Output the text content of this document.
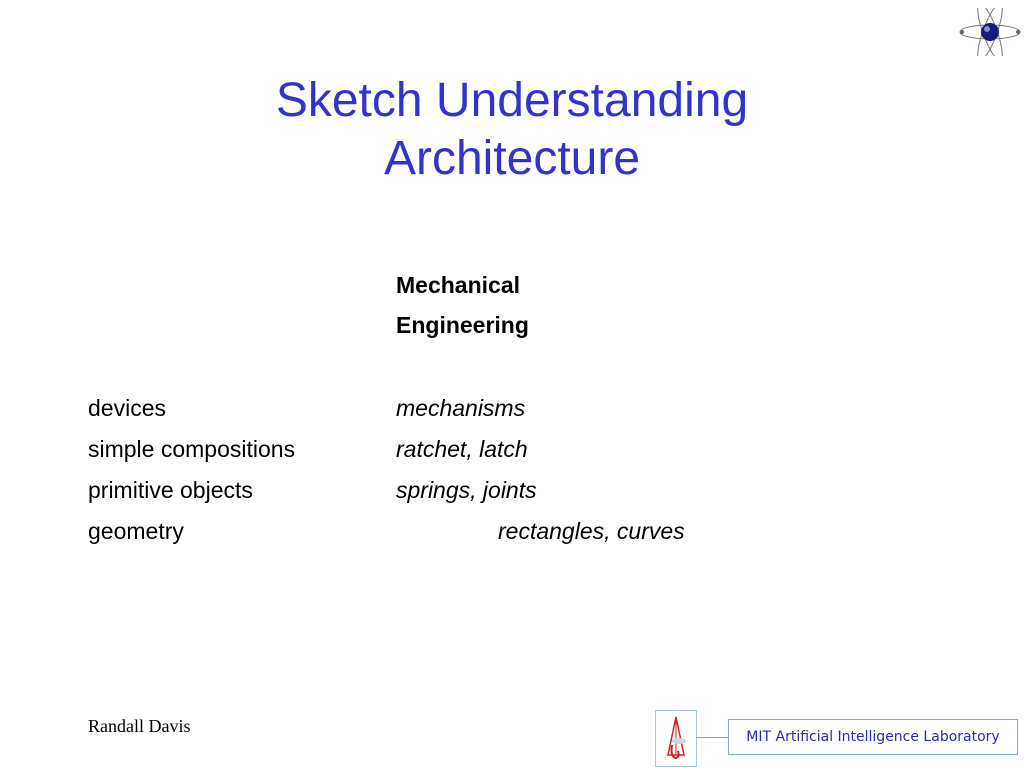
Sketch Understanding
Architecture
Mechanical
Engineering
devices	mechanisms
simple compositions	ratchet, latch
primitive objects	springs, joints
geometry	rectangles, curves
Randall Davis
MIT Artificial Intelligence Laboratory
